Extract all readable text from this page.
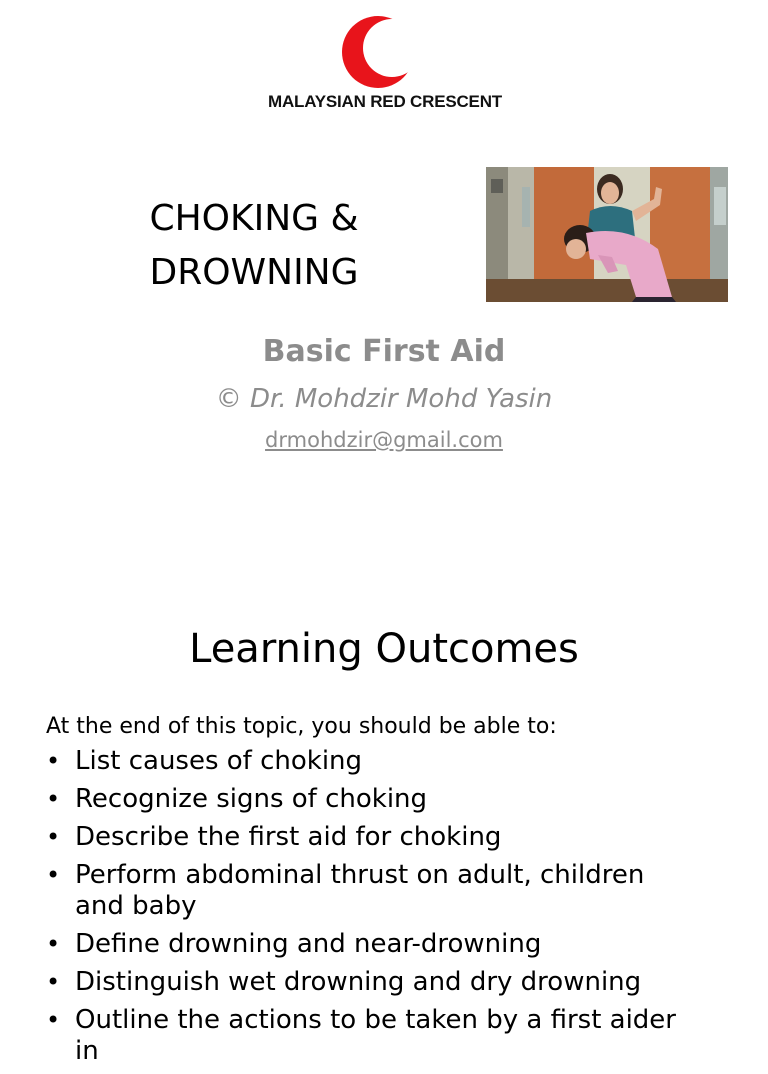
MALAYSIAN RED CRESCENT
CHOKING &
DROWNING
Basic First Aid
© Dr. Mohdzir Mohd Yasin
drmohdzir@gmail.com
Learning Outcomes
At the end of this topic, you should be able to:
• List causes of choking
• Recognize signs of choking
• Describe the first aid for choking
• Perform abdominal thrust on adult, children and baby
• Define drowning and near-drowning
• Distinguish wet drowning and dry drowning
• Outline the actions to be taken by a first aider in
